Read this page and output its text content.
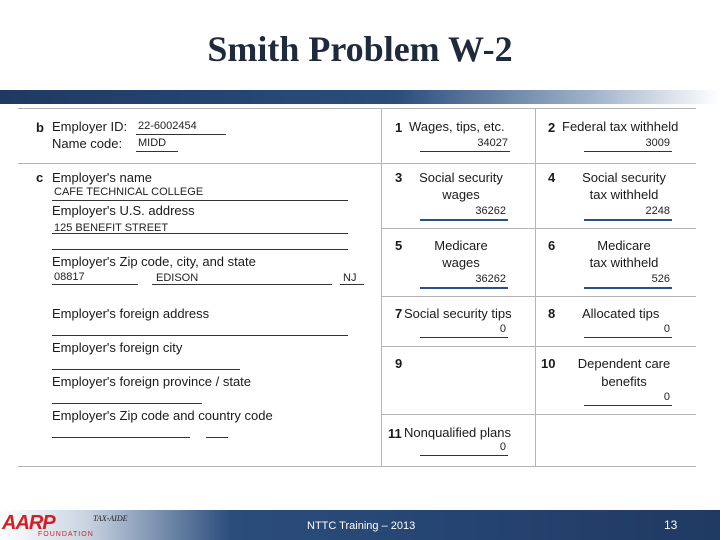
Smith Problem W-2
b Employer ID: 22-6002454
Name code: MIDD
c Employer's name
CAFE TECHNICAL COLLEGE
Employer's U.S. address
125 BENEFIT STREET
Employer's Zip code, city, and state
08817	EDISON	NJ
Employer's foreign address
Employer's foreign city
Employer's foreign province / state
Employer's Zip code and country code
1 Wages, tips, etc.
34027
2 Federal tax withheld
3009
3	Social security
wages
36262
4	Social security
tax withheld
2248
5	Medicare
wages
36262
6	Medicare
tax withheld
526
7 Social security tips
0
8 Allocated tips
0
9	10	Dependent care
benefits
0
11 Nonqualified plans
0
AARP
FOUNDATION
TAX-AIDE
NTTC Training – 2013	13
